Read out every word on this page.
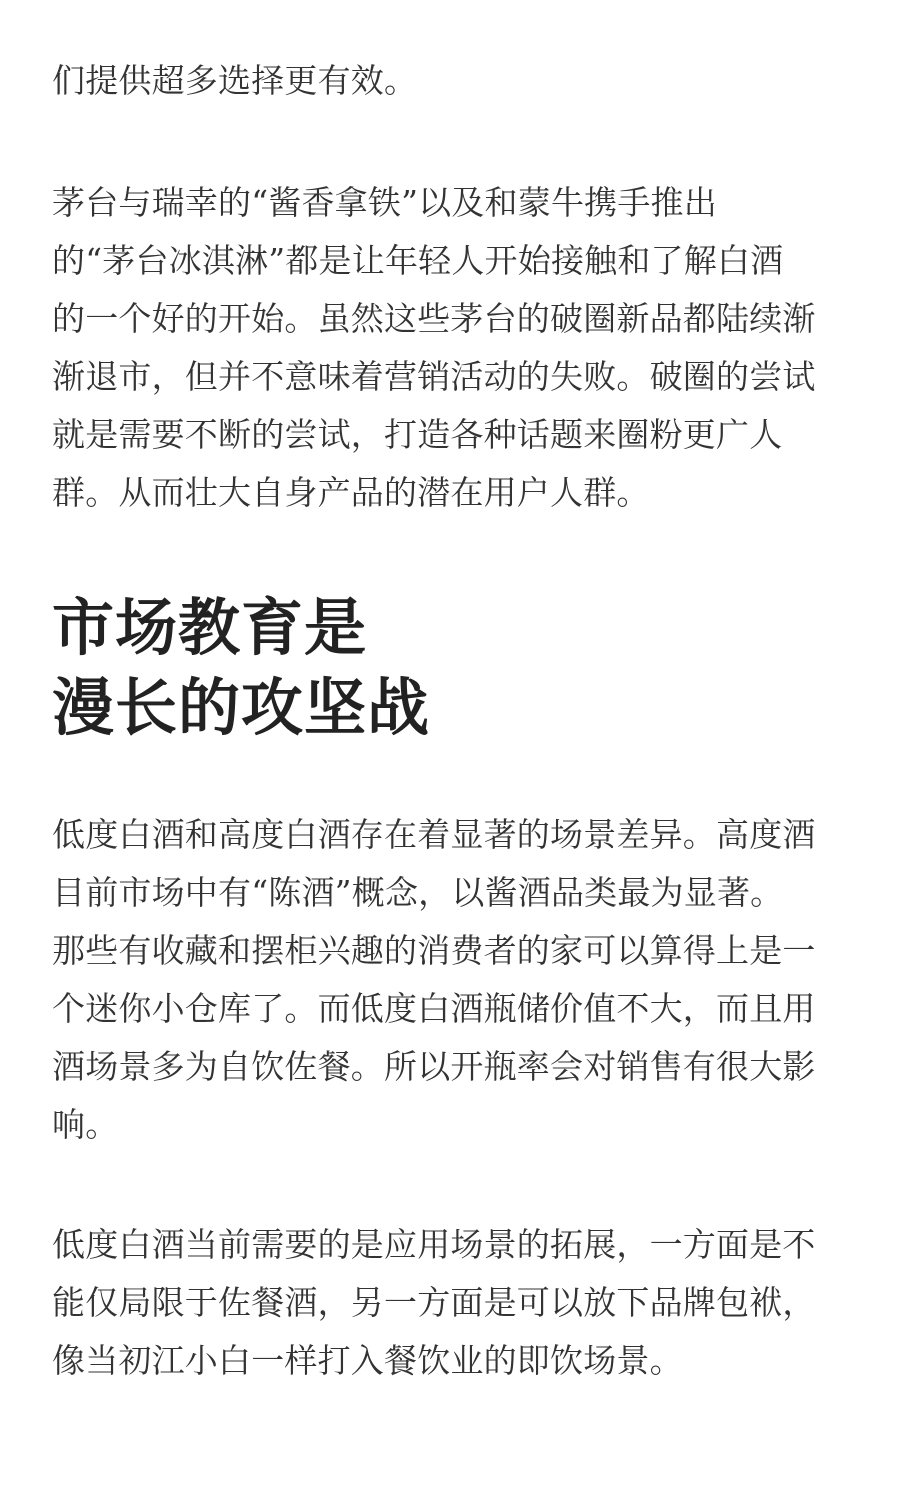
们提供超多选择更有效。

茅台与瑞幸的“酱香拿铁”以及和蒙牛携手推出
的“茅台冰淇淋”都是让年轻人开始接触和了解白酒
的一个好的开始。虽然这些茅台的破圈新品都陆续渐
渐退市，但并不意味着营销活动的失败。破圈的尝试
就是需要不断的尝试，打造各种话题来圈粉更广人
群。从而壮大自身产品的潜在用户人群。

市场教育是
漫长的攻坚战

低度白酒和高度白酒存在着显著的场景差异。高度酒
目前市场中有“陈酒”概念，以酱酒品类最为显著。
那些有收藏和摆柜兴趣的消费者的家可以算得上是一
个迷你小仓库了。而低度白酒瓶储价值不大，而且用
酒场景多为自饮佐餐。所以开瓶率会对销售有很大影
响。

低度白酒当前需要的是应用场景的拓展，一方面是不
能仅局限于佐餐酒，另一方面是可以放下品牌包袱，
像当初江小白一样打入餐饮业的即饮场景。
